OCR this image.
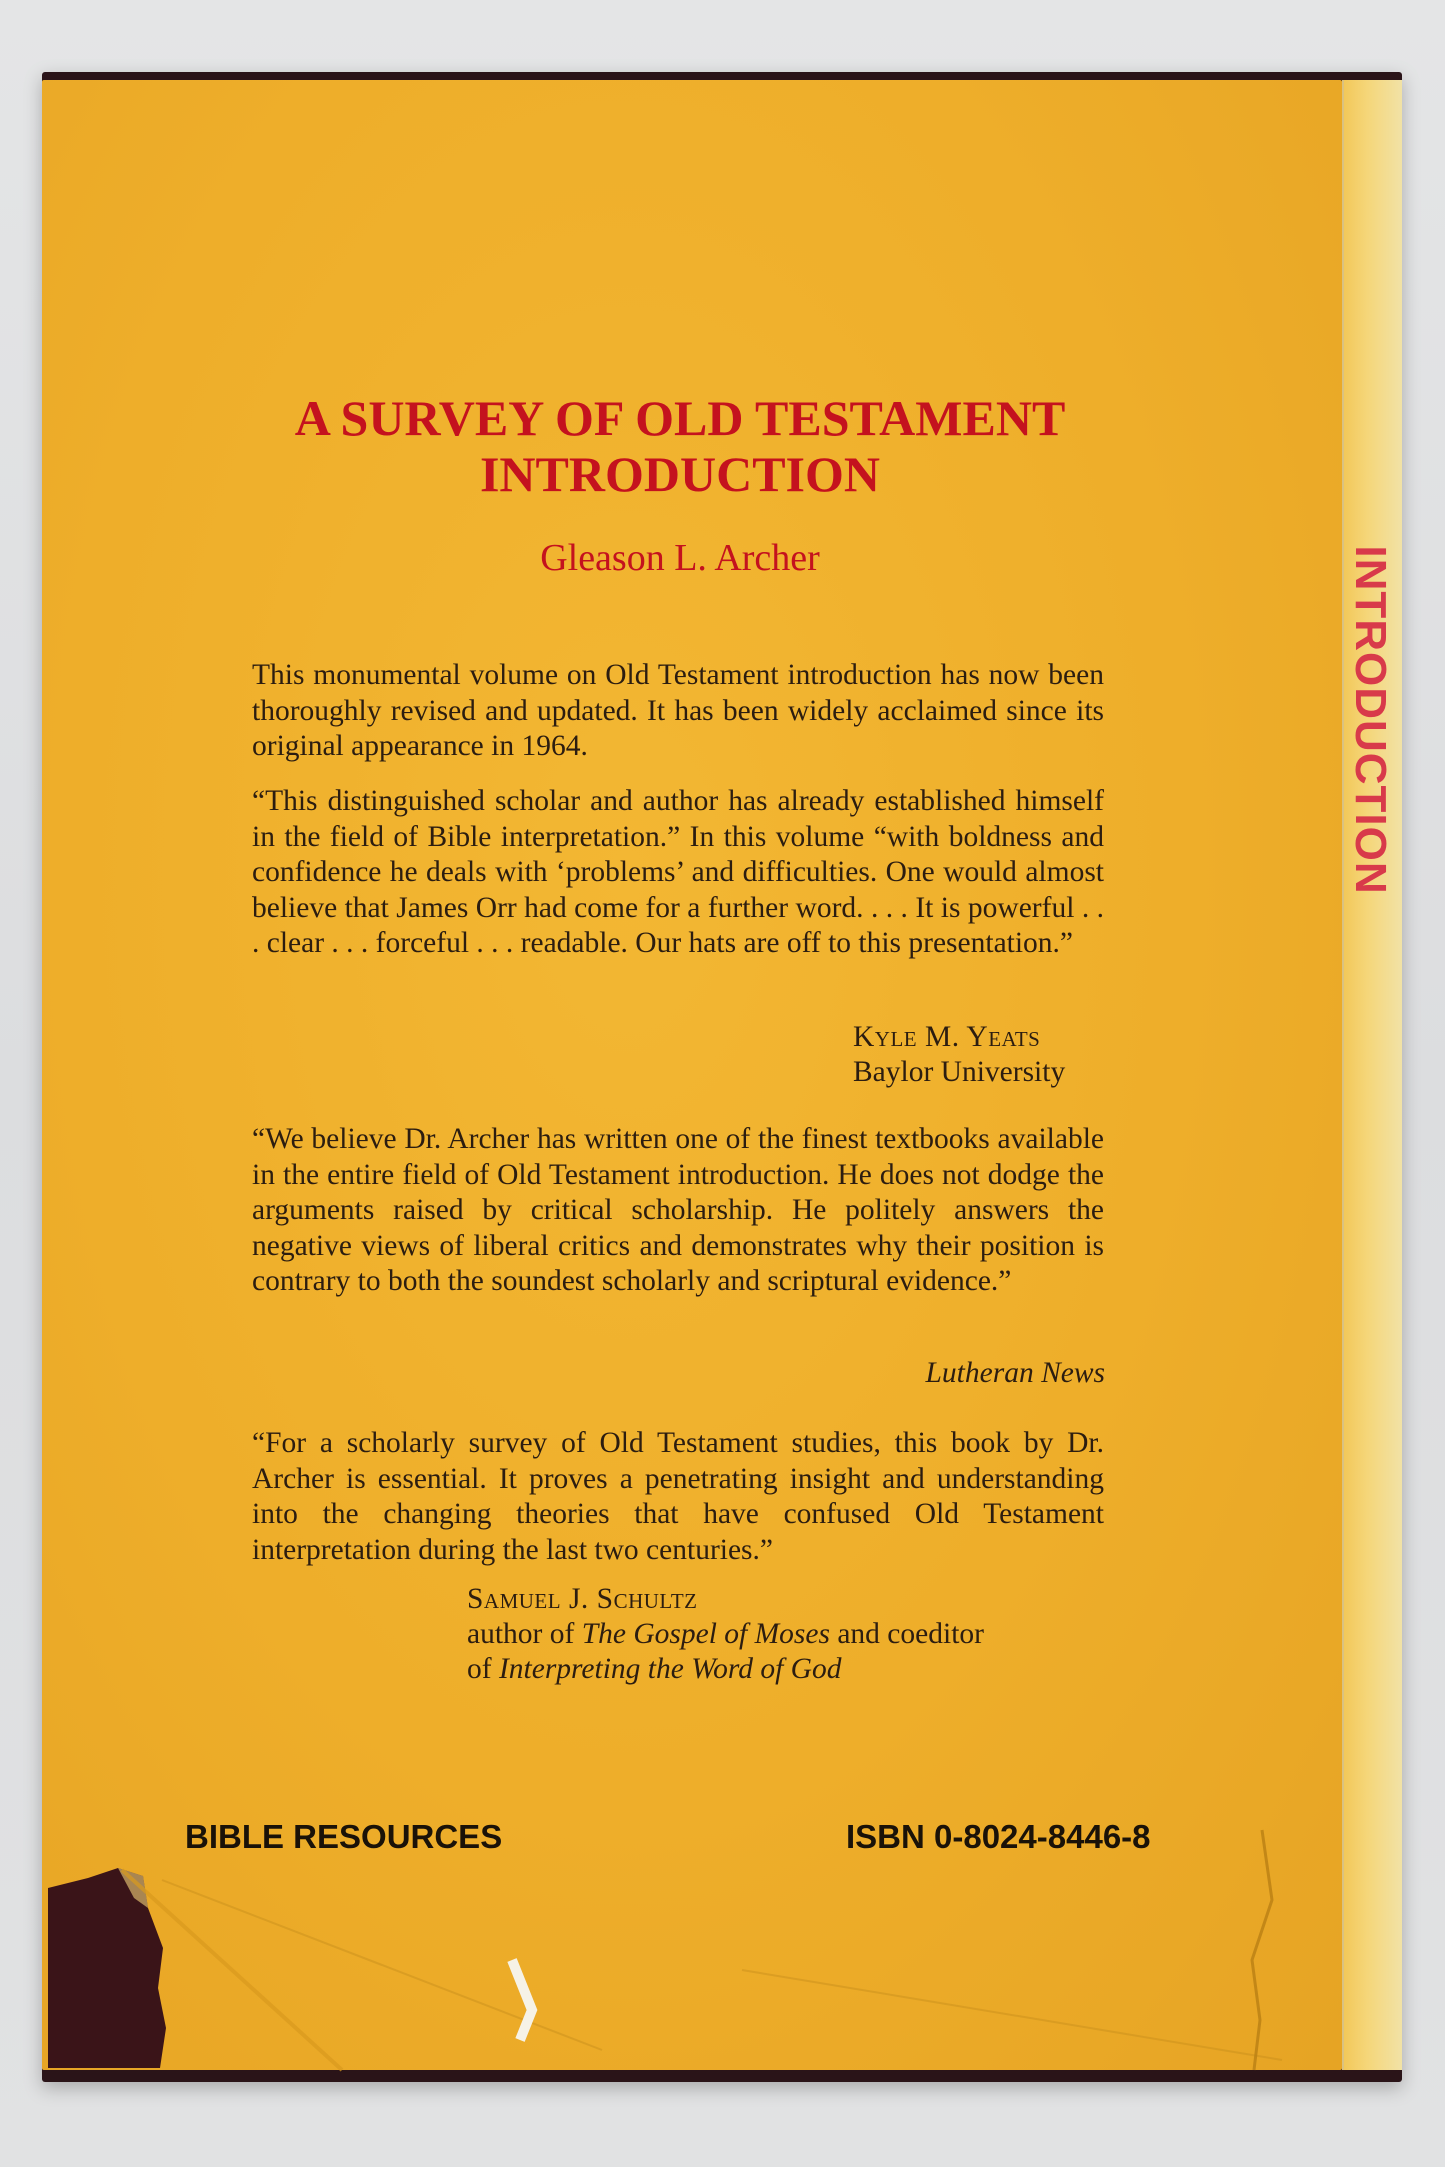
INTRODUCTION
A SURVEY OF OLD TESTAMENT
INTRODUCTION

Gleason L. Archer

This monumental volume on Old Testament introduction has now been thoroughly revised and updated. It has been widely acclaimed since its original appearance in 1964.

“This distinguished scholar and author has already established himself in the field of Bible interpretation.” In this volume “with boldness and confidence he deals with ‘problems’ and difficulties. One would almost believe that James Orr had come for a further word. . . . It is powerful . . . clear . . . forceful . . . readable. Our hats are off to this presentation.”

Kyle M. Yeats
Baylor University

“We believe Dr. Archer has written one of the finest textbooks available in the entire field of Old Testament introduction. He does not dodge the arguments raised by critical scholarship. He politely answers the negative views of liberal critics and demonstrates why their position is contrary to both the soundest scholarly and scriptural evidence.”

Lutheran News

“For a scholarly survey of Old Testament studies, this book by Dr. Archer is essential. It proves a penetrating insight and understanding into the changing theories that have confused Old Testament interpretation during the last two centuries.”

Samuel J. Schultz
author of The Gospel of Moses and coeditor
of Interpreting the Word of God

BIBLE RESOURCES	ISBN 0-8024-8446-8
